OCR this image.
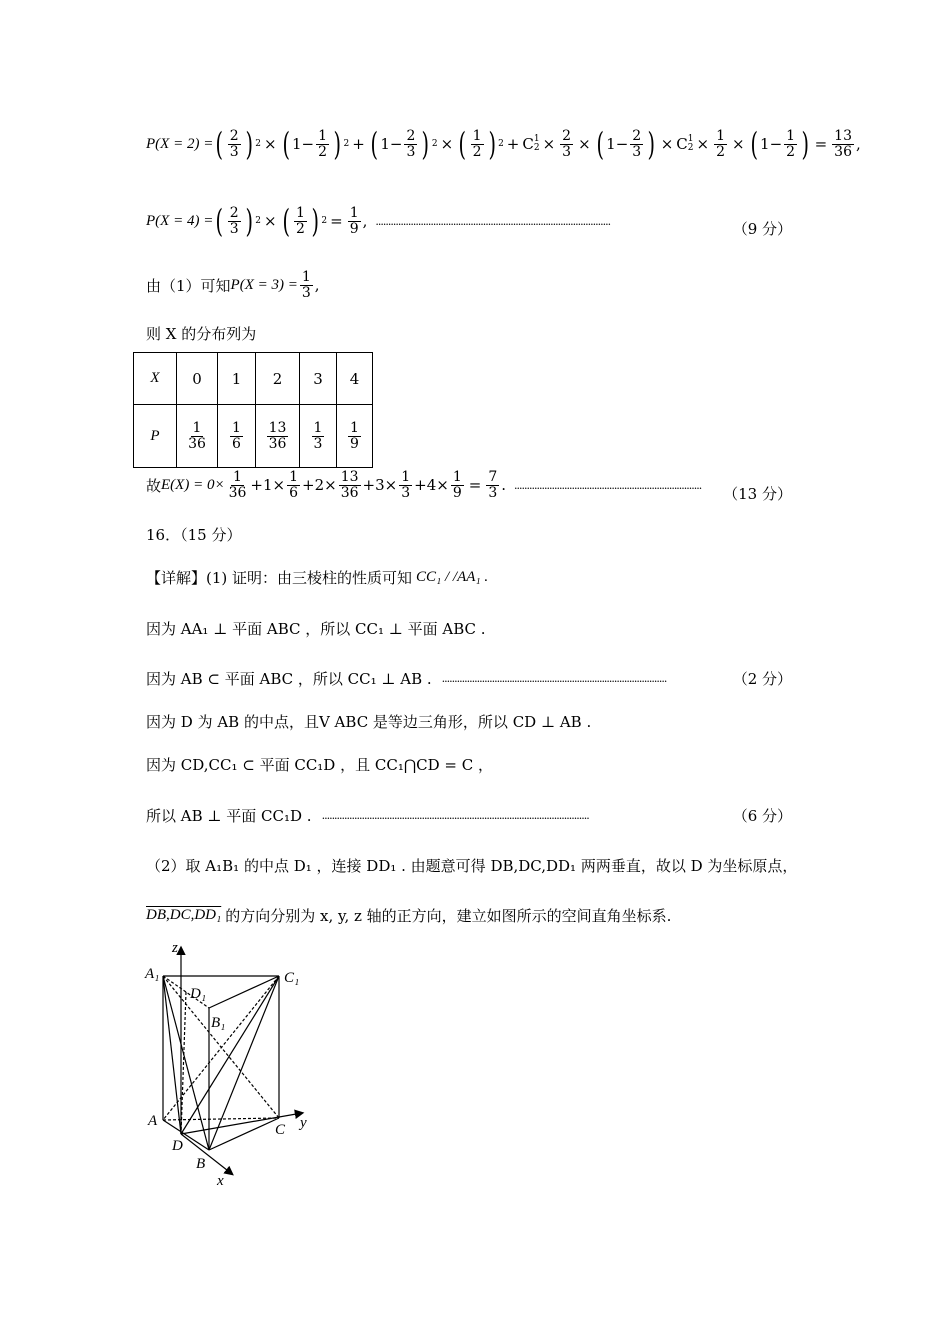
P(X = 2) = ( $\frac{2}{3}$ ) 2 × ( $1 - \frac{1}{2}$ ) 2 + ( $1 - \frac{2}{3}$ ) 2 × ( $\frac{1}{2}$ ) 2 + C 1
$2 \times \frac{2}{3}$ × ( $1 - \frac{2}{3}$ ) × C 1
$2 \times \frac{1}{2}$ × ( $1 - \frac{1}{2}$ ) = $\frac{13}{36}$ ,
P(X = 4) = ( $\frac{2}{3}$ ) 2 × ( $\frac{1}{2}$ ) $2 = \frac{1}{9}$ , ..............................................................................................	（9 分）
由（1）可知 $P(X = 3) = \frac{1}{3}$ ,
则 X 的分布列为
X	0	1	2	3	4
P	$\frac{1}{36}$	$\frac{1}{6}$	$\frac{13}{36}$	$\frac{1}{3}$	$\frac{1}{9}$
故 $E(X) = 0\times \frac{1}{36} +1\times \frac{1}{6} +2\times \frac{13}{36} +3\times \frac{1}{3} +4\times \frac{1}{9} = \frac{7}{3}$ . ........................................................................... （13 分）
16．（15 分）
【详解】(1) 证明：由三棱柱的性质可知 CC₁ / /AA₁ .
因为 AA₁ ⊥ 平面 ABC ，所以 CC₁ ⊥ 平面 ABC .
因为 AB ⊂ 平面 ABC ，所以 CC₁ ⊥ AB . ..........................................................................................	（2 分）
因为 D 为 AB 的中点，且V ABC 是等边三角形，所以 CD ⊥ AB .
因为 CD,CC₁ ⊂ 平面 CC₁D ，且 CC₁⋂CD = C ，
所以 AB ⊥ 平面 CC₁D . ...........................................................................................................	（6 分）
（2）取 A₁B₁ 的中点 D₁ ，连接 DD₁ . 由题意可得 DB,DC,DD₁ 两两垂直，故以 D 为坐标原点，
DB,DC,DD₁ 的方向分别为 x, y, z 轴的正方向，建立如图所示的空间直角坐标系.
z
A₁
D₁
B₁
C₁
A
D
C
B
y
x
